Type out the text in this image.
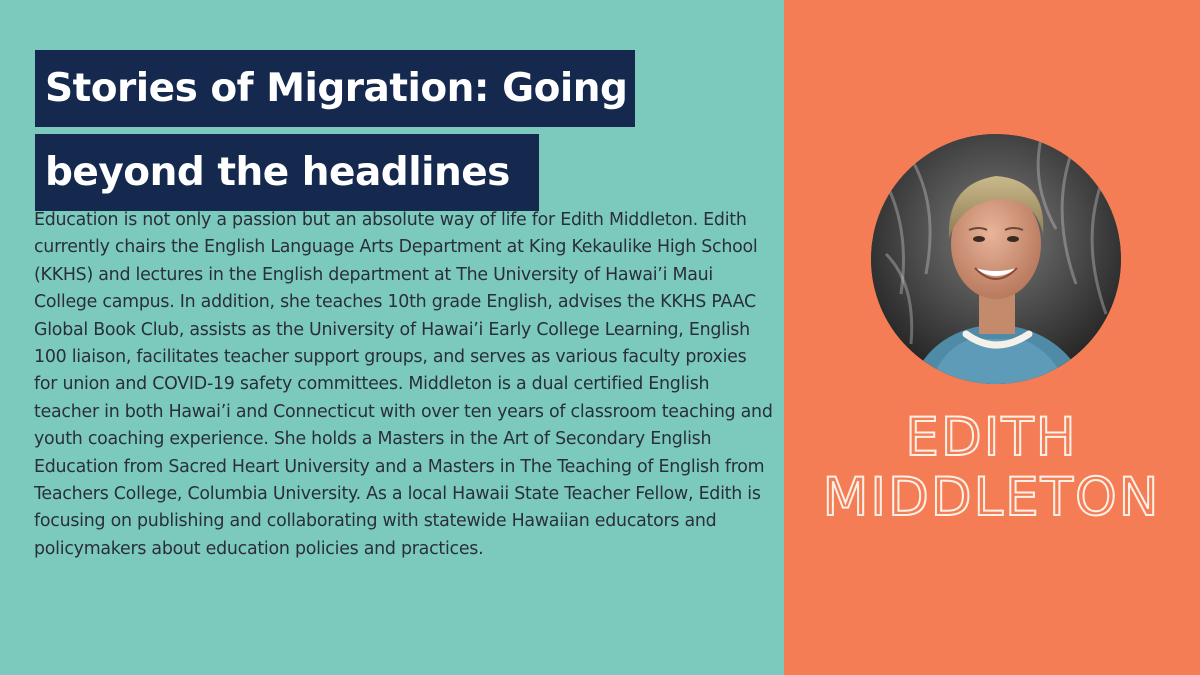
Stories of Migration: Going
beyond the headlines

Education is not only a passion but an absolute way of life for Edith Middleton. Edith currently chairs the English Language Arts Department at King Kekaulike High School (KKHS) and lectures in the English department at The University of Hawai’i Maui College campus. In addition, she teaches 10th grade English, advises the KKHS PAAC Global Book Club, assists as the University of Hawai’i Early College Learning, English 100 liaison, facilitates teacher support groups, and serves as various faculty proxies for union and COVID-19 safety committees. Middleton is a dual certified English teacher in both Hawai’i and Connecticut with over ten years of classroom teaching and youth coaching experience. She holds a Masters in the Art of Secondary English Education from Sacred Heart University and a Masters in The Teaching of English from Teachers College, Columbia University. As a local Hawaii State Teacher Fellow, Edith is focusing on publishing and collaborating with statewide Hawaiian educators and policymakers about education policies and practices.

EDITH
MIDDLETON
